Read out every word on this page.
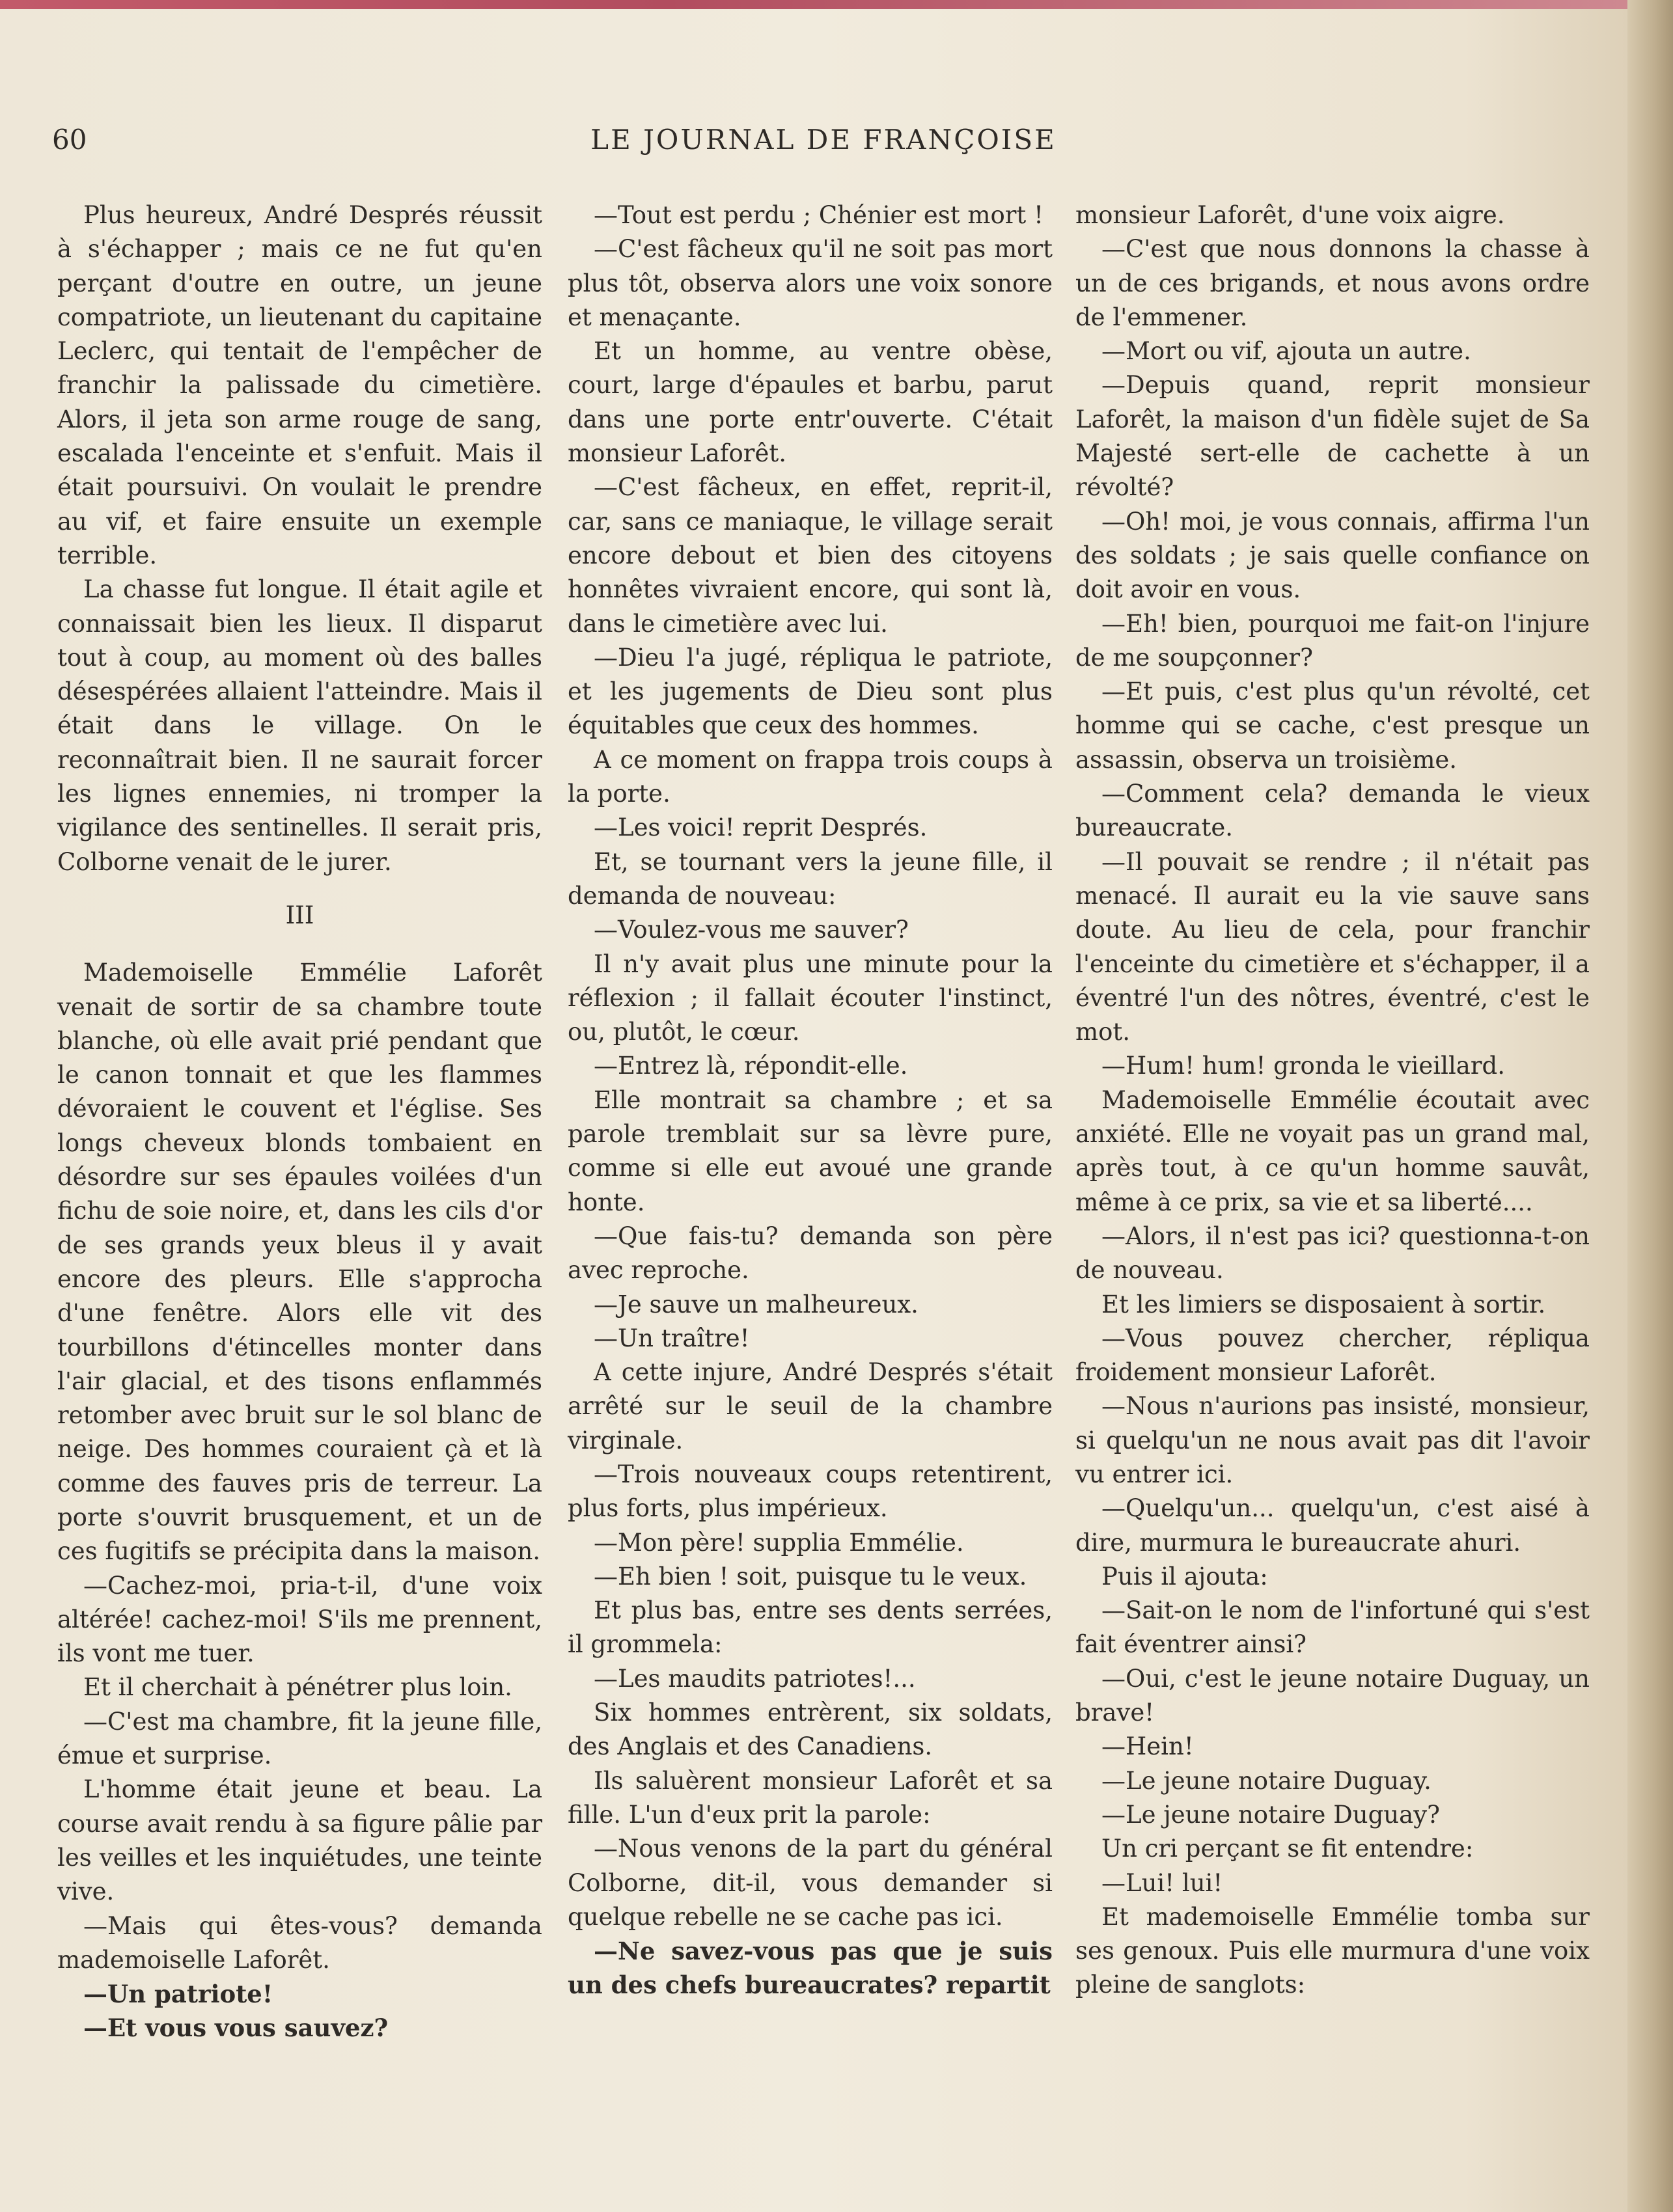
60	LE JOURNAL DE FRANÇOISE

Plus heureux, André Després réussit à s'échapper ; mais ce ne fut qu'en perçant d'outre en outre, un jeune compatriote, un lieutenant du capitaine Leclerc, qui tentait de l'empêcher de franchir la palissade du cimetière. Alors, il jeta son arme rouge de sang, escalada l'enceinte et s'enfuit. Mais il était poursuivi. On voulait le prendre au vif, et faire ensuite un exemple terrible.

La chasse fut longue. Il était agile et connaissait bien les lieux. Il disparut tout à coup, au moment où des balles désespérées allaient l'atteindre. Mais il était dans le village. On le reconnaîtrait bien. Il ne saurait forcer les lignes ennemies, ni tromper la vigilance des sentinelles. Il serait pris, Colborne venait de le jurer.

III

Mademoiselle Emmélie Laforêt venait de sortir de sa chambre toute blanche, où elle avait prié pendant que le canon tonnait et que les flammes dévoraient le couvent et l'église. Ses longs cheveux blonds tombaient en désordre sur ses épaules voilées d'un fichu de soie noire, et, dans les cils d'or de ses grands yeux bleus il y avait encore des pleurs. Elle s'approcha d'une fenêtre. Alors elle vit des tourbillons d'étincelles monter dans l'air glacial, et des tisons enflammés retomber avec bruit sur le sol blanc de neige. Des hommes couraient çà et là comme des fauves pris de terreur. La porte s'ouvrit brusquement, et un de ces fugitifs se précipita dans la maison.

—Cachez-moi, pria-t-il, d'une voix altérée! cachez-moi! S'ils me prennent, ils vont me tuer.

Et il cherchait à pénétrer plus loin.

—C'est ma chambre, fit la jeune fille, émue et surprise.

L'homme était jeune et beau. La course avait rendu à sa figure pâlie par les veilles et les inquiétudes, une teinte vive.

—Mais qui êtes-vous? demanda mademoiselle Laforêt.

—Un patriote!

—Et vous vous sauvez?

—Tout est perdu ; Chénier est mort !

—C'est fâcheux qu'il ne soit pas mort plus tôt, observa alors une voix sonore et menaçante.

Et un homme, au ventre obèse, court, large d'épaules et barbu, parut dans une porte entr'ouverte. C'était monsieur Laforêt.

—C'est fâcheux, en effet, reprit-il, car, sans ce maniaque, le village serait encore debout et bien des citoyens honnêtes vivraient encore, qui sont là, dans le cimetière avec lui.

—Dieu l'a jugé, répliqua le patriote, et les jugements de Dieu sont plus équitables que ceux des hommes.

A ce moment on frappa trois coups à la porte.

—Les voici! reprit Després.

Et, se tournant vers la jeune fille, il demanda de nouveau:

—Voulez-vous me sauver?

Il n'y avait plus une minute pour la réflexion ; il fallait écouter l'instinct, ou, plutôt, le cœur.

—Entrez là, répondit-elle.

Elle montrait sa chambre ; et sa parole tremblait sur sa lèvre pure, comme si elle eut avoué une grande honte.

—Que fais-tu? demanda son père avec reproche.

—Je sauve un malheureux.

—Un traître!

A cette injure, André Després s'était arrêté sur le seuil de la chambre virginale.

—Trois nouveaux coups retentirent, plus forts, plus impérieux.

—Mon père! supplia Emmélie.

—Eh bien ! soit, puisque tu le veux.

Et plus bas, entre ses dents serrées, il grommela:

—Les maudits patriotes!...

Six hommes entrèrent, six soldats, des Anglais et des Canadiens.

Ils saluèrent monsieur Laforêt et sa fille. L'un d'eux prit la parole:

—Nous venons de la part du général Colborne, dit-il, vous demander si quelque rebelle ne se cache pas ici.

—Ne savez-vous pas que je suis un des chefs bureaucrates? repartit

monsieur Laforêt, d'une voix aigre.

—C'est que nous donnons la chasse à un de ces brigands, et nous avons ordre de l'emmener.

—Mort ou vif, ajouta un autre.

—Depuis quand, reprit monsieur Laforêt, la maison d'un fidèle sujet de Sa Majesté sert-elle de cachette à un révolté?

—Oh! moi, je vous connais, affirma l'un des soldats ; je sais quelle confiance on doit avoir en vous.

—Eh! bien, pourquoi me fait-on l'injure de me soupçonner?

—Et puis, c'est plus qu'un révolté, cet homme qui se cache, c'est presque un assassin, observa un troisième.

—Comment cela? demanda le vieux bureaucrate.

—Il pouvait se rendre ; il n'était pas menacé. Il aurait eu la vie sauve sans doute. Au lieu de cela, pour franchir l'enceinte du cimetière et s'échapper, il a éventré l'un des nôtres, éventré, c'est le mot.

—Hum! hum! gronda le vieillard.

Mademoiselle Emmélie écoutait avec anxiété. Elle ne voyait pas un grand mal, après tout, à ce qu'un homme sauvât, même à ce prix, sa vie et sa liberté....

—Alors, il n'est pas ici? questionna-t-on de nouveau.

Et les limiers se disposaient à sortir.

—Vous pouvez chercher, répliqua froidement monsieur Laforêt.

—Nous n'aurions pas insisté, monsieur, si quelqu'un ne nous avait pas dit l'avoir vu entrer ici.

—Quelqu'un... quelqu'un, c'est aisé à dire, murmura le bureaucrate ahuri.

Puis il ajouta:

—Sait-on le nom de l'infortuné qui s'est fait éventrer ainsi?

—Oui, c'est le jeune notaire Duguay, un brave!

—Hein!

—Le jeune notaire Duguay.

—Le jeune notaire Duguay?

Un cri perçant se fit entendre:

—Lui! lui!

Et mademoiselle Emmélie tomba sur ses genoux. Puis elle murmura d'une voix pleine de sanglots:
